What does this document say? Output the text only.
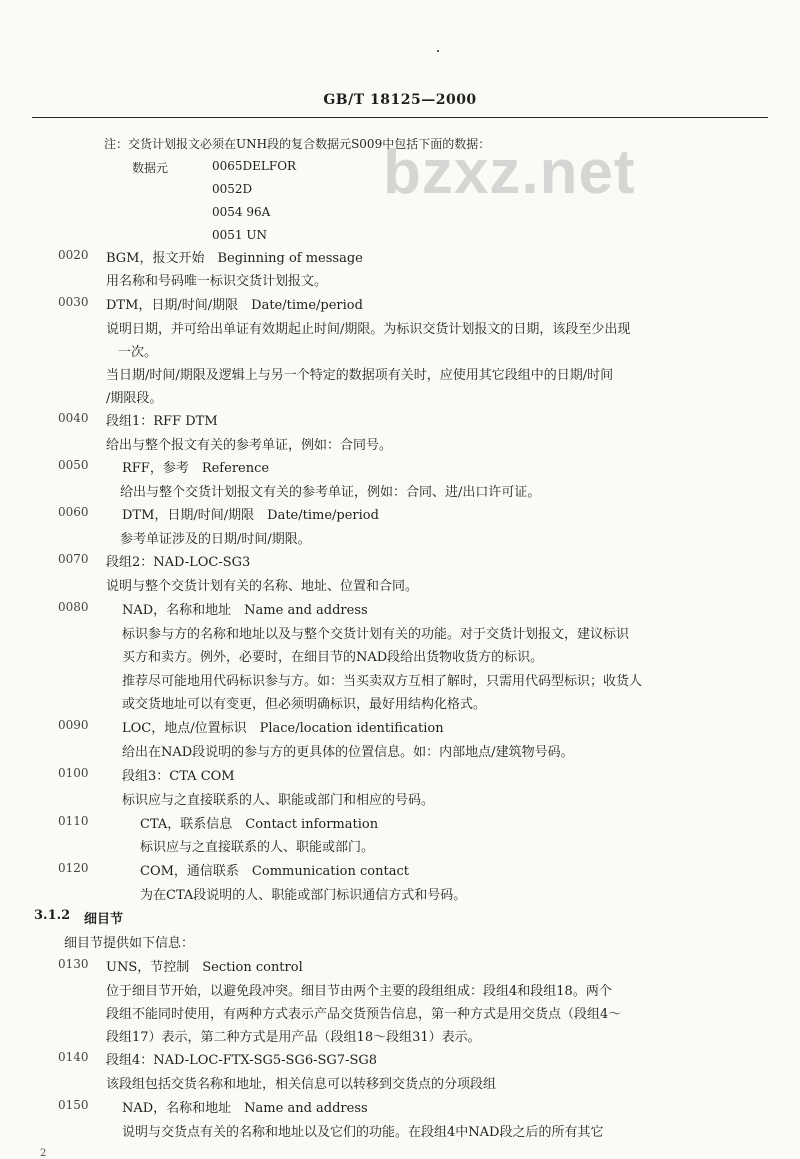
GB/T 18125—2000
bzxz.net
注：交货计划报文必须在UNH段的复合数据元S009中包括下面的数据：
数据元	0065DELFOR
0052D
0054 96A
0051 UN
0020	BGM，报文开始　Beginning of message
用名称和号码唯一标识交货计划报文。
0030	DTM，日期/时间/期限　Date/time/period
说明日期，并可给出单证有效期起止时间/期限。为标识交货计划报文的日期，该段至少出现
一次。
当日期/时间/期限及逻辑上与另一个特定的数据项有关时，应使用其它段组中的日期/时间
/期限段。
0040	段组1：RFF DTM
给出与整个报文有关的参考单证，例如：合同号。
0050	RFF，参考　Reference
给出与整个交货计划报文有关的参考单证，例如：合同、进/出口许可证。
0060	DTM，日期/时间/期限　Date/time/period
参考单证涉及的日期/时间/期限。
0070	段组2：NAD-LOC-SG3
说明与整个交货计划有关的名称、地址、位置和合同。
0080	NAD，名称和地址　Name and address
标识参与方的名称和地址以及与整个交货计划有关的功能。对于交货计划报文，建议标识
买方和卖方。例外，必要时，在细目节的NAD段给出货物收货方的标识。
推荐尽可能地用代码标识参与方。如：当买卖双方互相了解时，只需用代码型标识；收货人
或交货地址可以有变更，但必须明确标识，最好用结构化格式。
0090	LOC，地点/位置标识　Place/location identification
给出在NAD段说明的参与方的更具体的位置信息。如：内部地点/建筑物号码。
0100	段组3：CTA COM
标识应与之直接联系的人、职能或部门和相应的号码。
0110	CTA，联系信息　Contact information
标识应与之直接联系的人、职能或部门。
0120	COM，通信联系　Communication contact
为在CTA段说明的人、职能或部门标识通信方式和号码。
3.1.2 细目节
细目节提供如下信息：
0130	UNS，节控制　Section control
位于细目节开始，以避免段冲突。细目节由两个主要的段组组成：段组4和段组18。两个
段组不能同时使用，有两种方式表示产品交货预告信息，第一种方式是用交货点（段组4～
段组17）表示，第二种方式是用产品（段组18～段组31）表示。
0140	段组4：NAD-LOC-FTX-SG5-SG6-SG7-SG8
该段组包括交货名称和地址，相关信息可以转移到交货点的分项段组
0150	NAD，名称和地址　Name and address
说明与交货点有关的名称和地址以及它们的功能。在段组4中NAD段之后的所有其它
2
